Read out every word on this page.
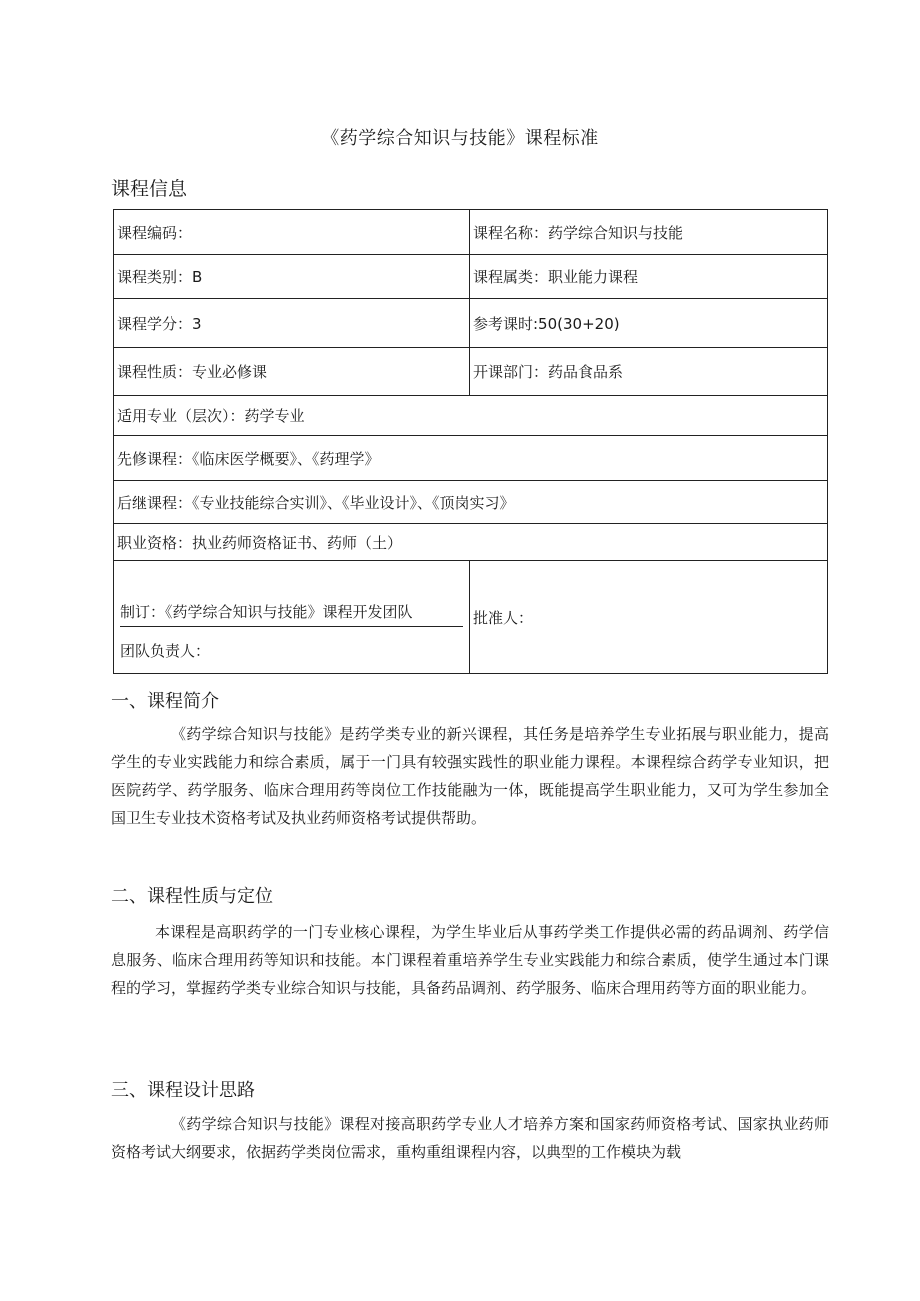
《药学综合知识与技能》课程标准
课程信息
课程编码：	课程名称：药学综合知识与技能
课程类别：B	课程属类：职业能力课程
课程学分：3	参考课时:50(30+20)
课程性质：专业必修课	开课部门：药品食品系
适用专业（层次）：药学专业	
先修课程：《临床医学概要》、《药理学》	
后继课程：《专业技能综合实训》、《毕业设计》、《顶岗实习》	
职业资格：执业药师资格证书、药师（土）	

制订：《药学综合知识与技能》课程开发团队
团队负责人：	批准人：
一、课程简介

《药学综合知识与技能》是药学类专业的新兴课程，其任务是培养学生专业拓展与职业能力，提高学生的专业实践能力和综合素质，属于一门具有较强实践性的职业能力课程。本课程综合药学专业知识，把医院药学、药学服务、临床合理用药等岗位工作技能融为一体，既能提高学生职业能力，又可为学生参加全国卫生专业技术资格考试及执业药师资格考试提供帮助。

二、课程性质与定位

本课程是高职药学的一门专业核心课程，为学生毕业后从事药学类工作提供必需的药品调剂、药学信息服务、临床合理用药等知识和技能。本门课程着重培养学生专业实践能力和综合素质，使学生通过本门课程的学习，掌握药学类专业综合知识与技能，具备药品调剂、药学服务、临床合理用药等方面的职业能力。

三、课程设计思路

《药学综合知识与技能》课程对接高职药学专业人才培养方案和国家药师资格考试、国家执业药师资格考试大纲要求，依据药学类岗位需求，重构重组课程内容，以典型的工作模块为载
